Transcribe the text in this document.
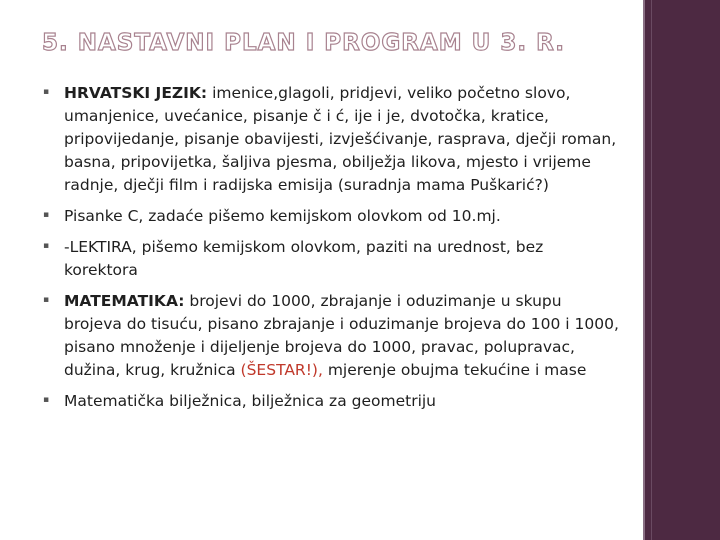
5. NASTAVNI PLAN I PROGRAM U 3. R.
▪ HRVATSKI JEZIK: imenice,glagoli, pridjevi, veliko početno slovo, umanjenice, uvećanice, pisanje č i ć, ije i je, dvotočka, kratice, pripovijedanje, pisanje obavijesti, izvješćivanje, rasprava, dječji roman, basna, pripovijetka, šaljiva pjesma, obilježja likova, mjesto i vrijeme radnje, dječji film i radijska emisija (suradnja mama Puškarić?)
▪ Pisanke C, zadaće pišemo kemijskom olovkom od 10.mj.
▪ -LEKTIRA, pišemo kemijskom olovkom, paziti na urednost, bez korektora
▪ MATEMATIKA: brojevi do 1000, zbrajanje i oduzimanje u skupu brojeva do tisuću, pisano zbrajanje i oduzimanje brojeva do 100 i 1000, pisano množenje i dijeljenje brojeva do 1000, pravac, polupravac, dužina, krug, kružnica (ŠESTAR!), mjerenje obujma tekućine i mase
▪ Matematička bilježnica, bilježnica za geometriju
